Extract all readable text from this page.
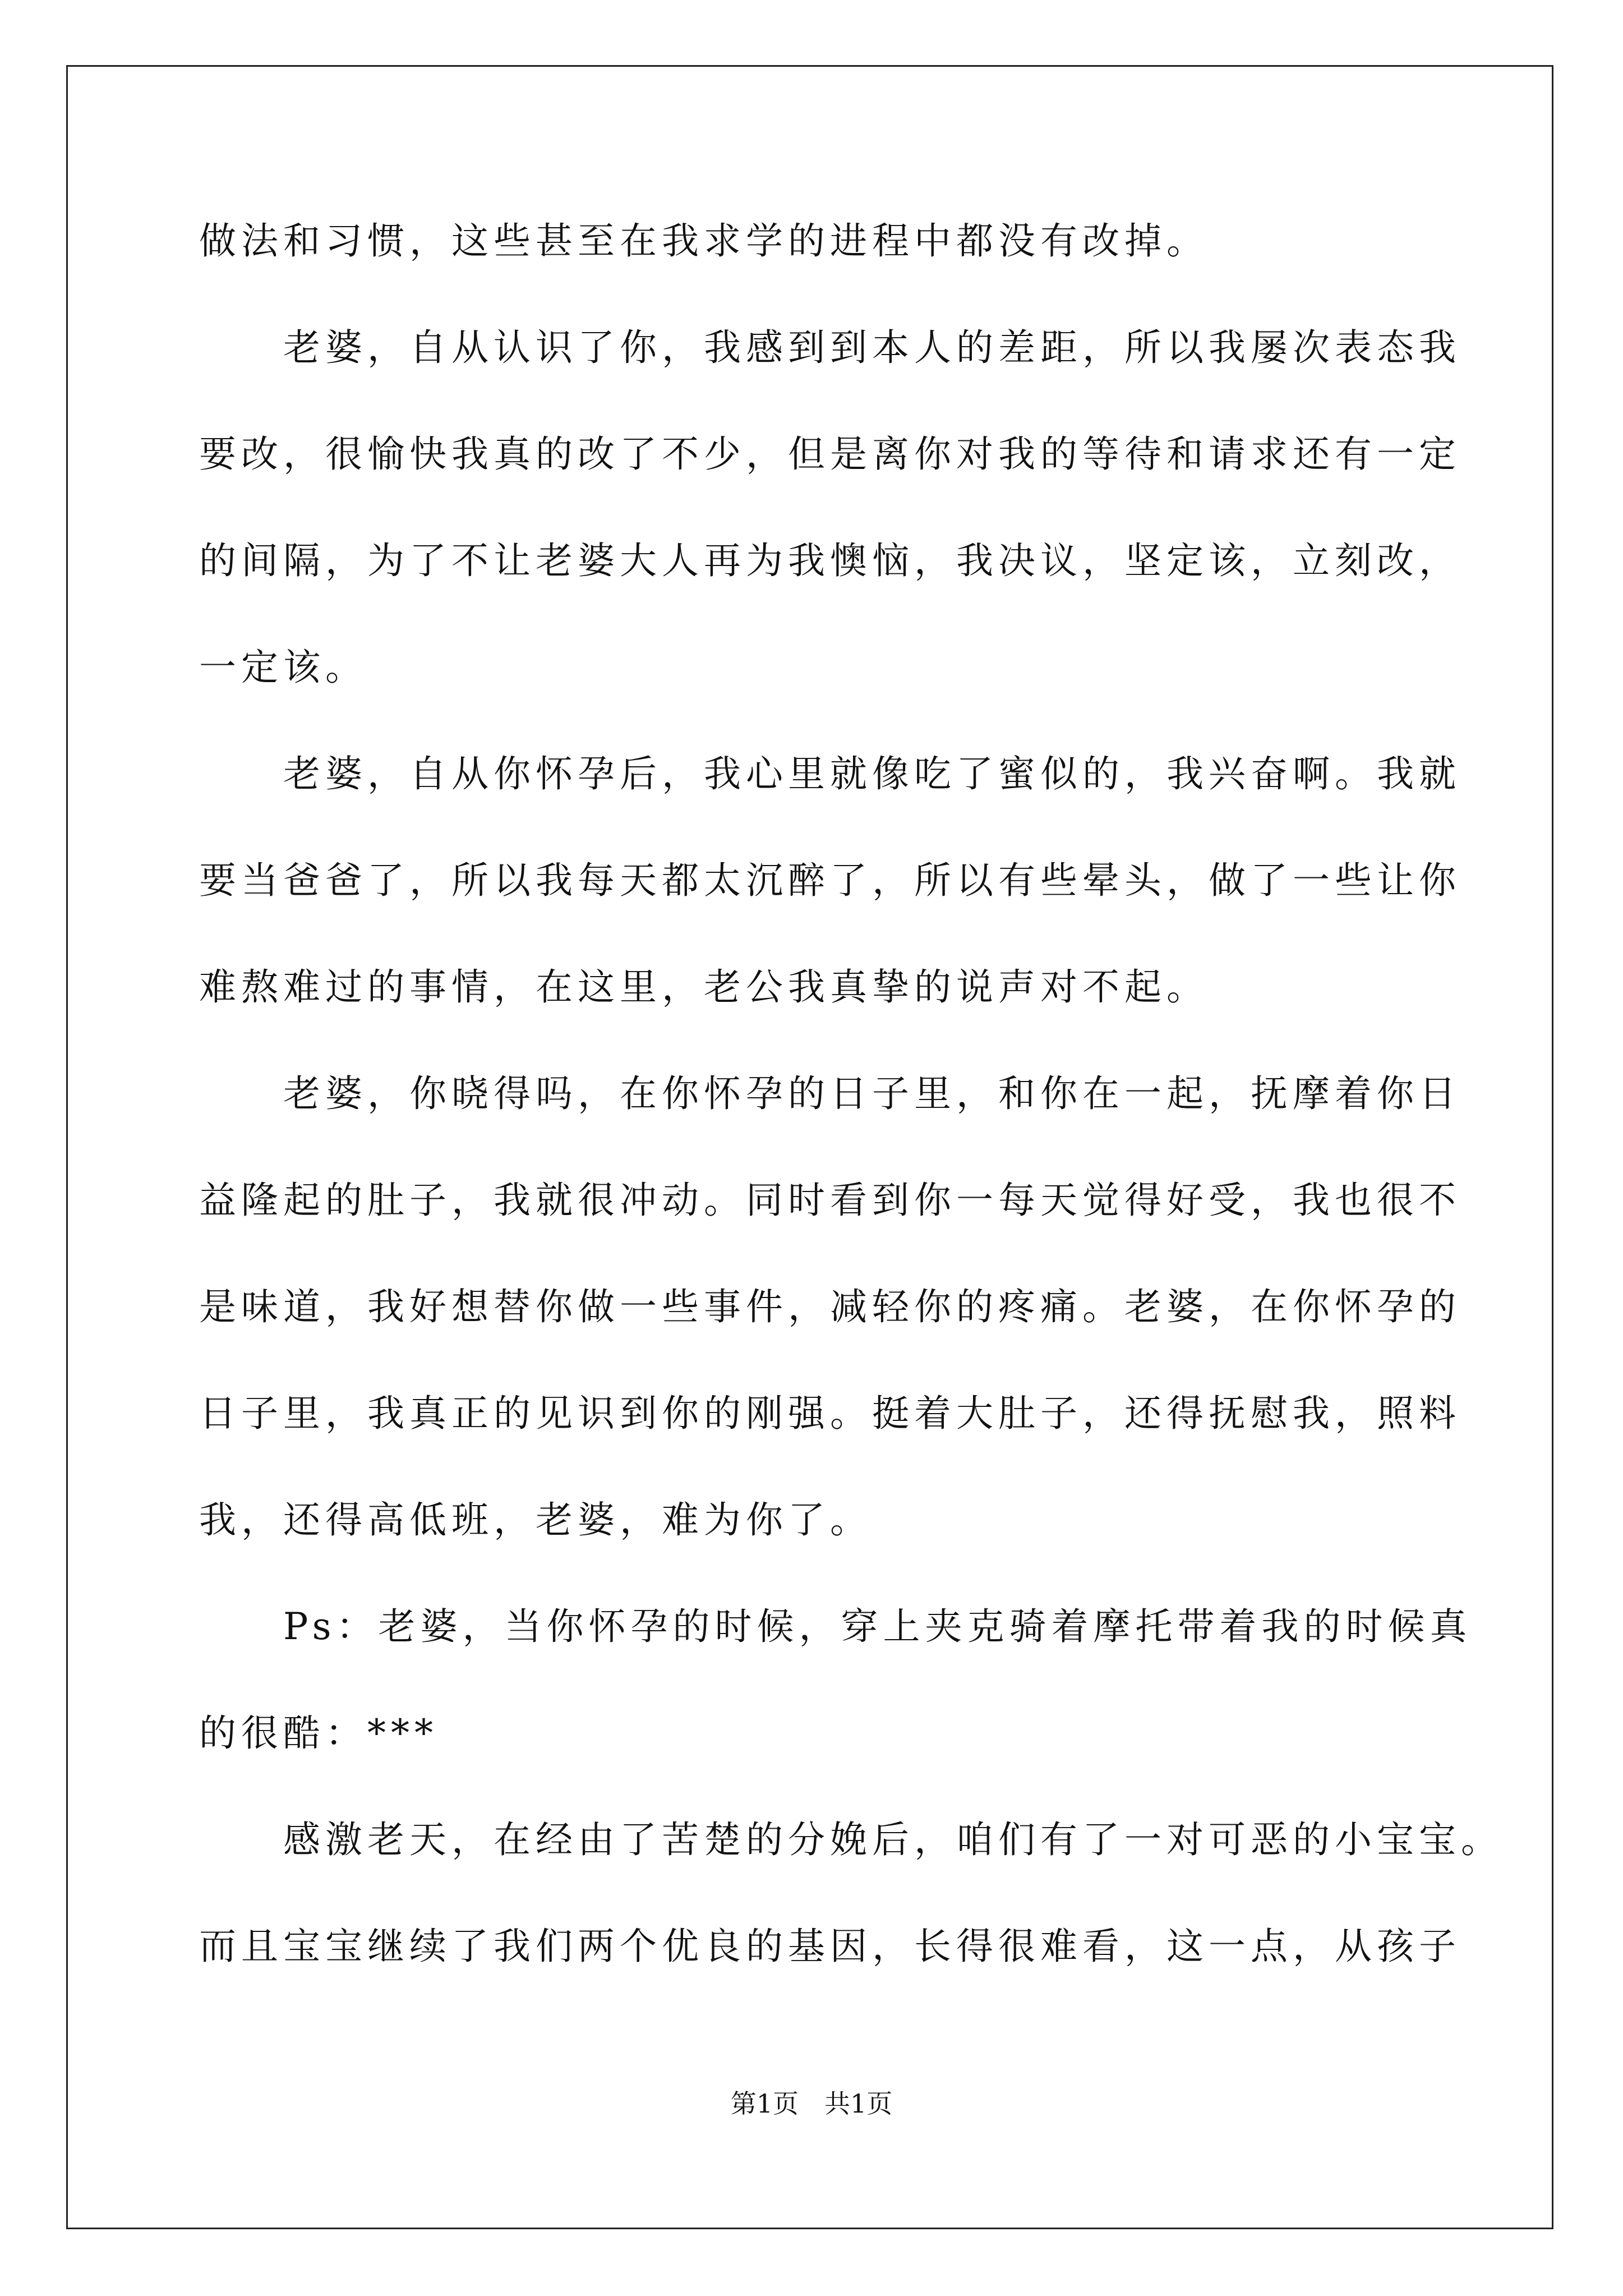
做法和习惯，这些甚至在我求学的进程中都没有改掉。
　　老婆，自从认识了你，我感到到本人的差距，所以我屡次表态我
要改，很愉快我真的改了不少，但是离你对我的等待和请求还有一定
的间隔，为了不让老婆大人再为我懊恼，我决议，坚定该，立刻改，
一定该。
　　老婆，自从你怀孕后，我心里就像吃了蜜似的，我兴奋啊。我就
要当爸爸了，所以我每天都太沉醉了，所以有些晕头，做了一些让你
难熬难过的事情，在这里，老公我真挚的说声对不起。
　　老婆，你晓得吗，在你怀孕的日子里，和你在一起，抚摩着你日
益隆起的肚子，我就很冲动。同时看到你一每天觉得好受，我也很不
是味道，我好想替你做一些事件，减轻你的疼痛。老婆，在你怀孕的
日子里，我真正的见识到你的刚强。挺着大肚子，还得抚慰我，照料
我，还得高低班，老婆，难为你了。
　　Ps：老婆，当你怀孕的时候，穿上夹克骑着摩托带着我的时候真
的很酷：***
　　感激老天，在经由了苦楚的分娩后，咱们有了一对可恶的小宝宝。
而且宝宝继续了我们两个优良的基因，长得很难看，这一点，从孩子
第1页　共1页
